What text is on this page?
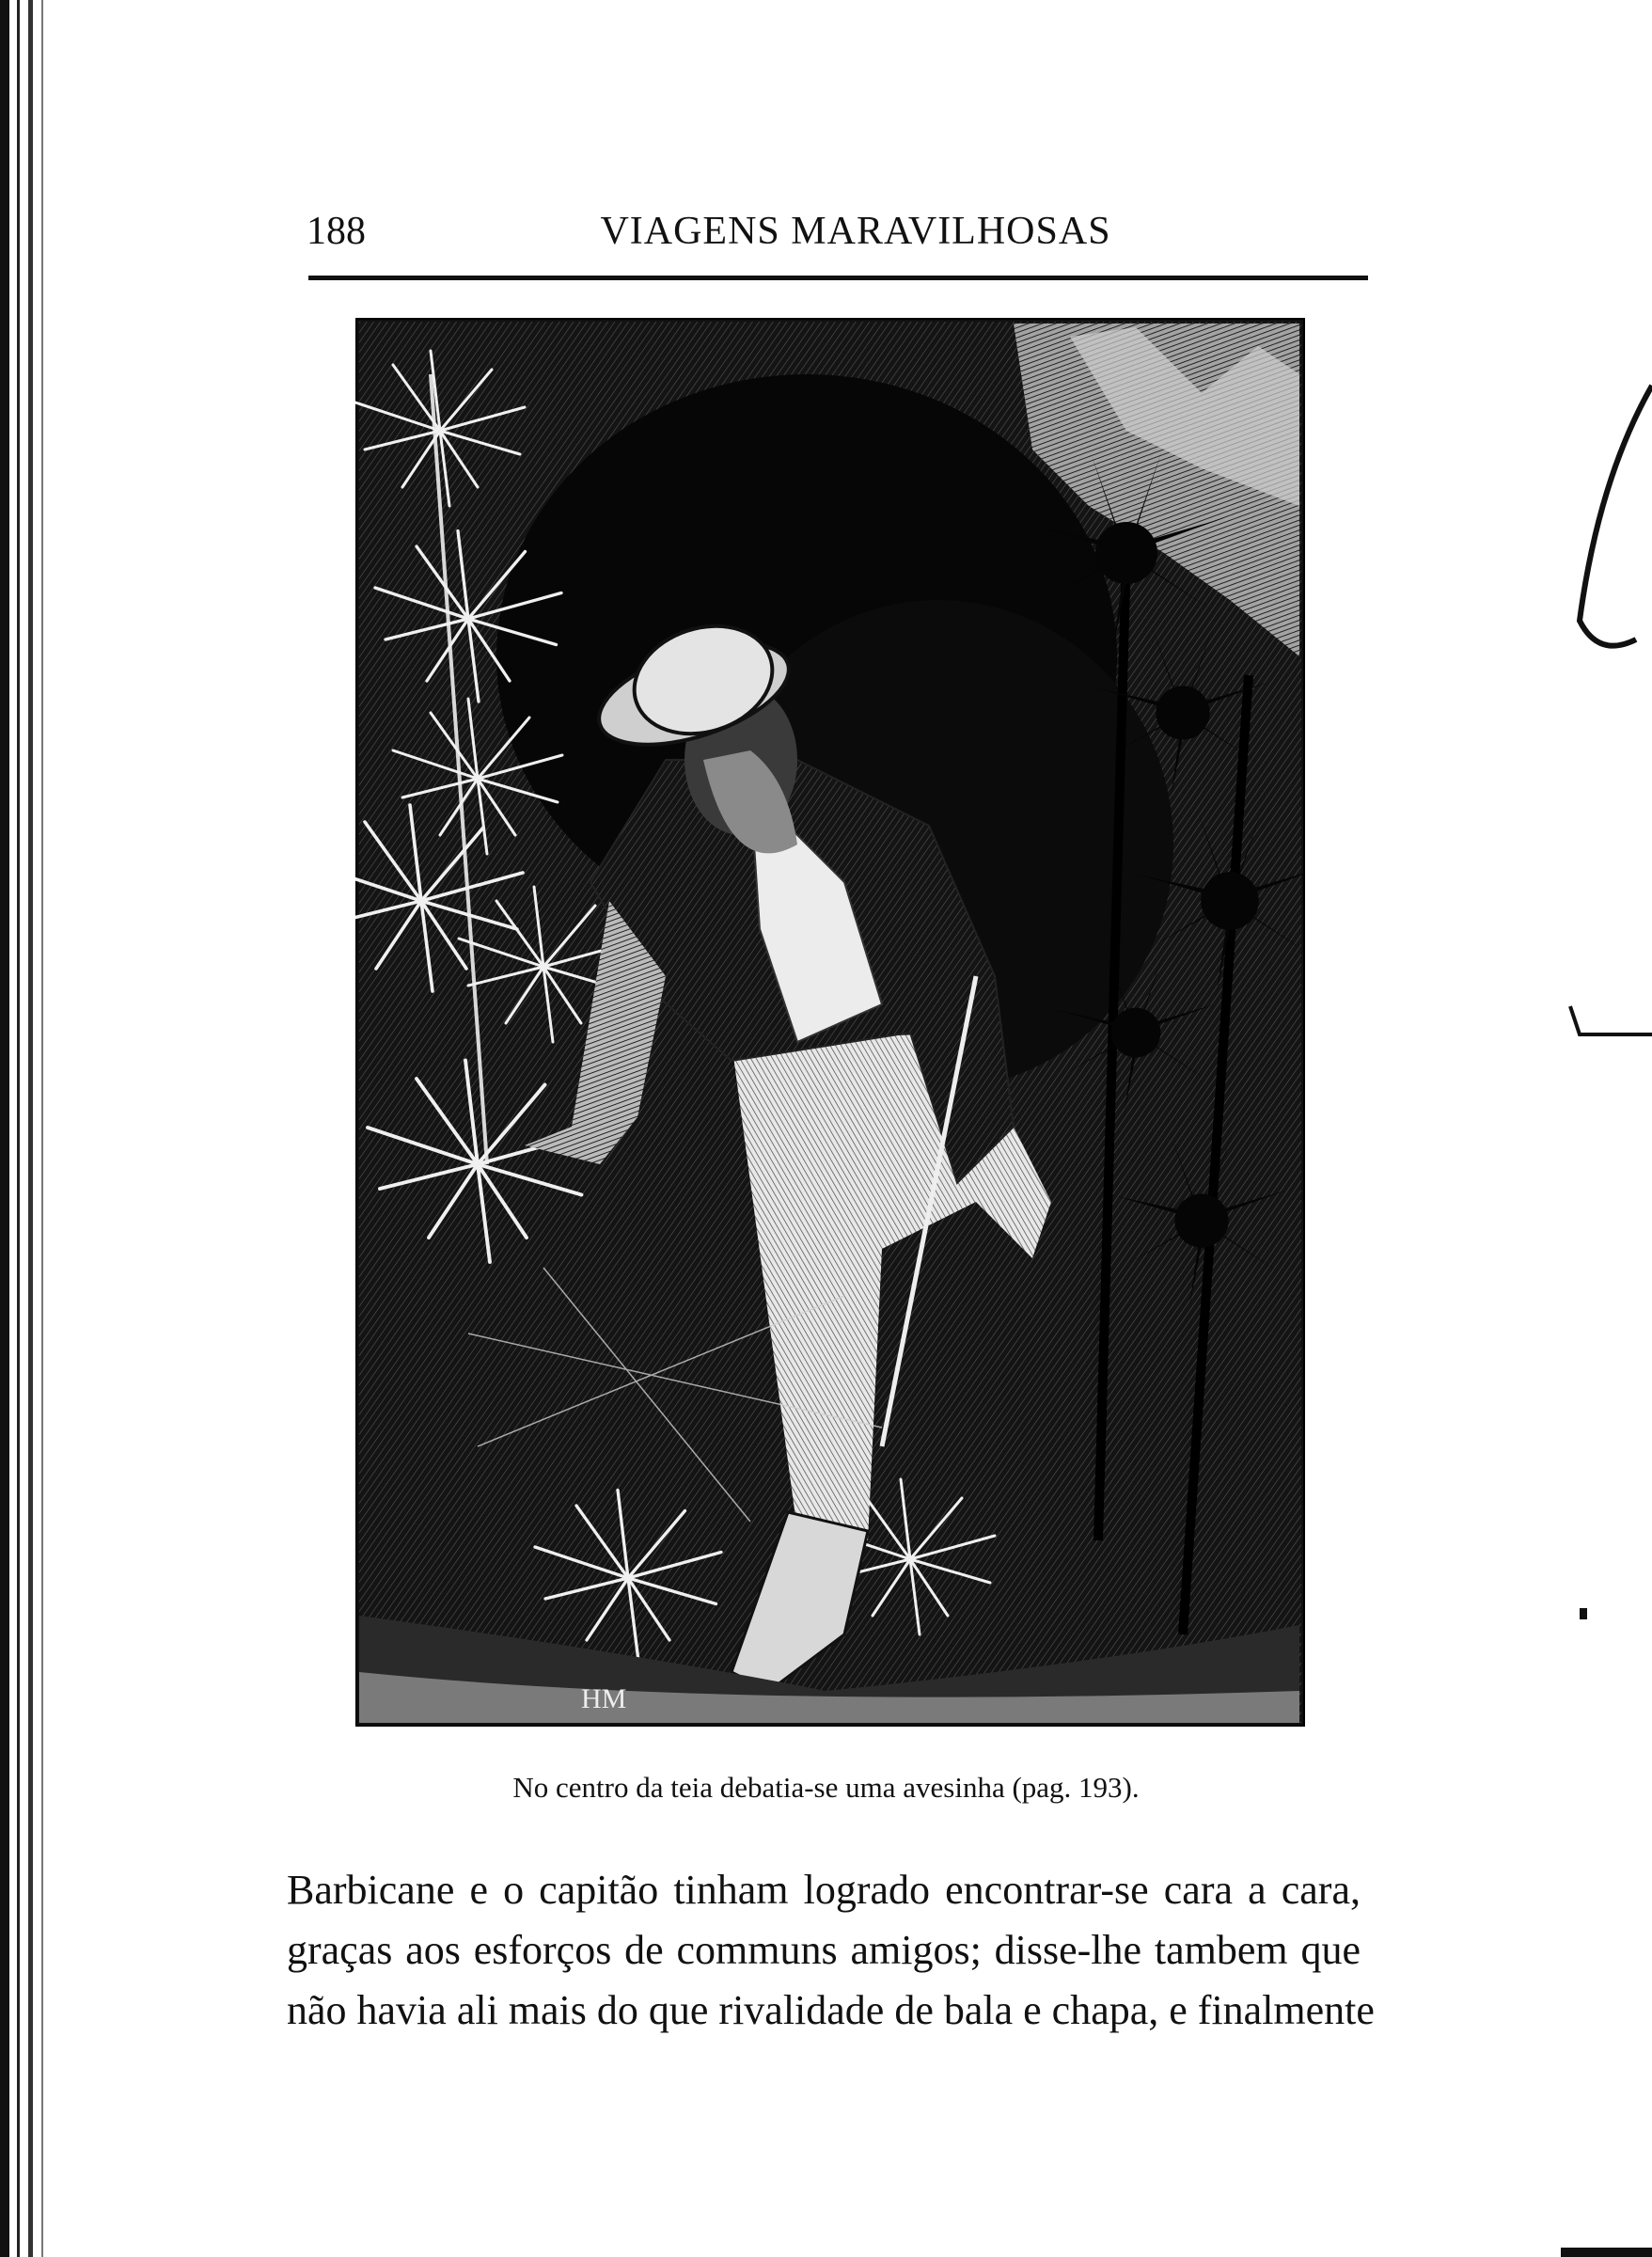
188	VIAGENS MARAVILHOSAS
HM
No centro da teia debatia-se uma avesinha (pag. 193).
Barbicane e o capitão tinham logrado encontrar-se cara a cara,
graças aos esforços de communs amigos; disse-lhe tambem que
não havia ali mais do que rivalidade de bala e chapa, e finalmente
